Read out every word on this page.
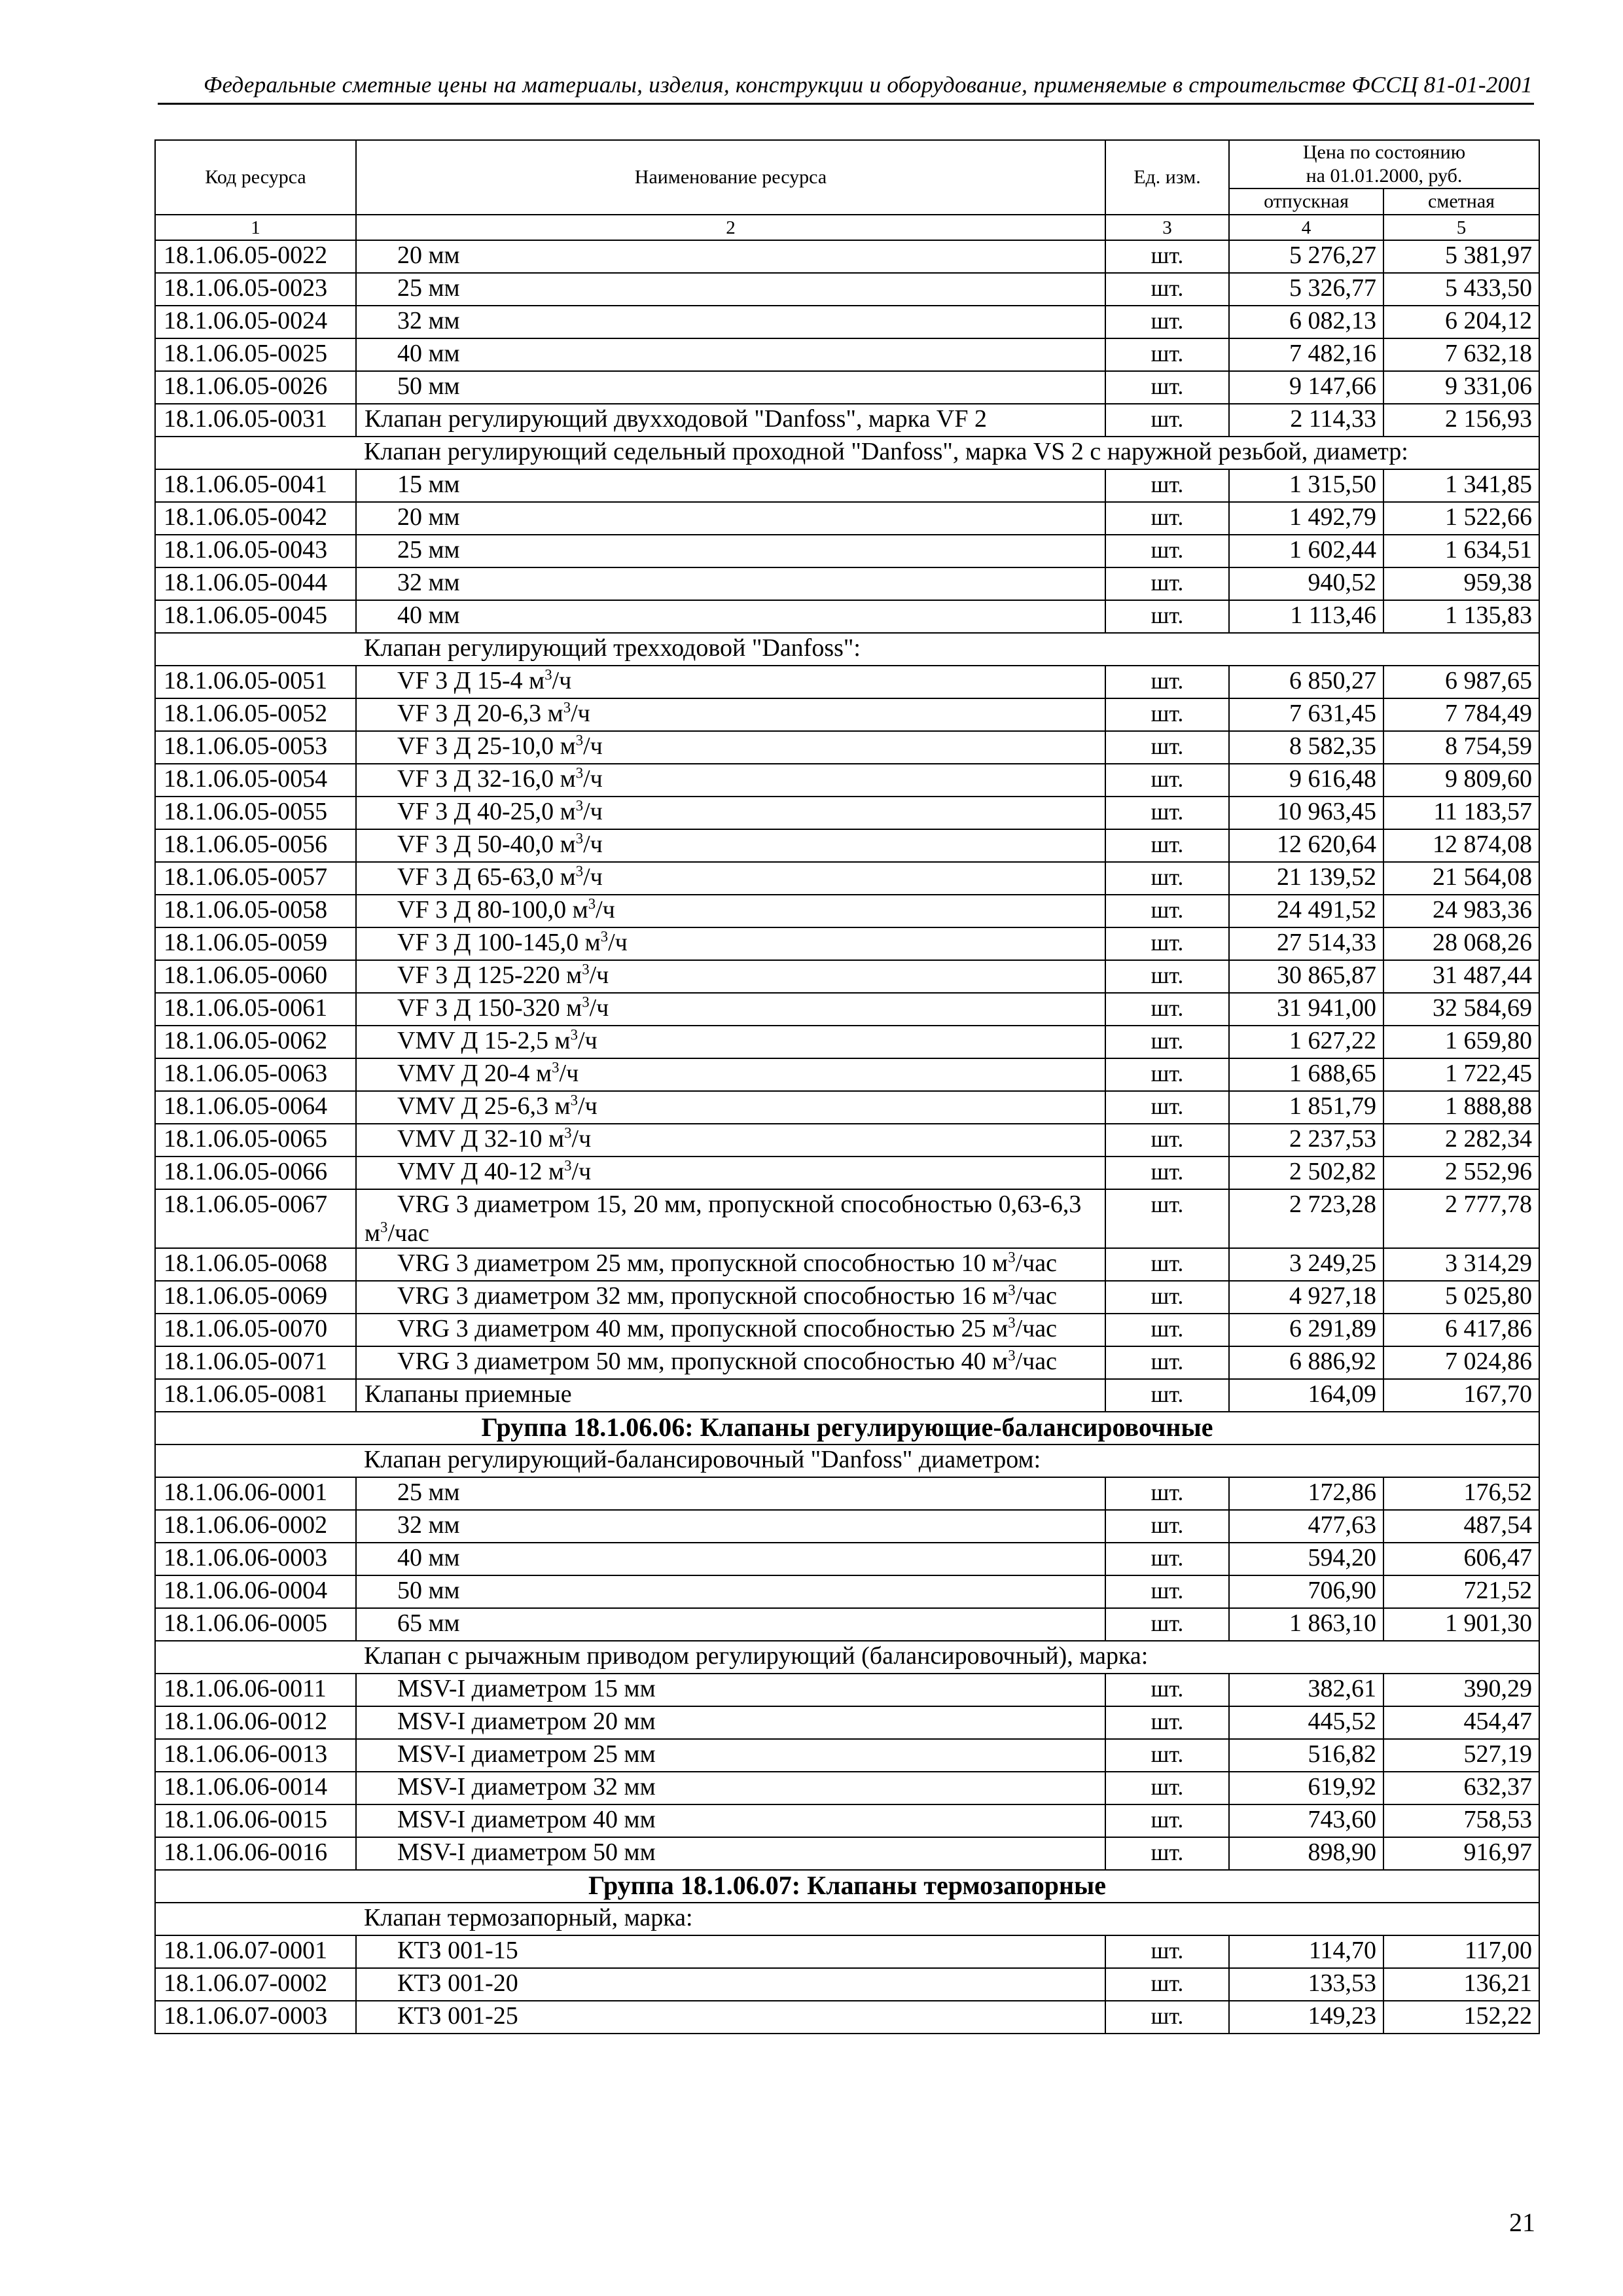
Федеральные сметные цены на материалы, изделия, конструкции и оборудование, применяемые в строительстве ФССЦ 81-01-2001
Код ресурса	Наименование ресурса	Ед. изм.	Цена по состоянию на 01.01.2000, руб.	
			отпускная	сметная
1	2	3	4	5
18.1.06.05-0022	20 мм	шт.	5 276,27	5 381,97
18.1.06.05-0023	25 мм	шт.	5 326,77	5 433,50
18.1.06.05-0024	32 мм	шт.	6 082,13	6 204,12
18.1.06.05-0025	40 мм	шт.	7 482,16	7 632,18
18.1.06.05-0026	50 мм	шт.	9 147,66	9 331,06
18.1.06.05-0031	Клапан регулирующий двухходовой "Danfoss", марка VF 2	шт.	2 114,33	2 156,93
Клапан регулирующий седельный проходной "Danfoss", марка VS 2 с наружной резьбой, диаметр:				
18.1.06.05-0041	15 мм	шт.	1 315,50	1 341,85
18.1.06.05-0042	20 мм	шт.	1 492,79	1 522,66
18.1.06.05-0043	25 мм	шт.	1 602,44	1 634,51
18.1.06.05-0044	32 мм	шт.	940,52	959,38
18.1.06.05-0045	40 мм	шт.	1 113,46	1 135,83
Клапан регулирующий трехходовой "Danfoss":				
18.1.06.05-0051	VF 3 Д 15-4 $м^3/ч$	шт.	6 850,27	6 987,65
18.1.06.05-0052	VF 3 Д 20-6,3 $м^3/ч$	шт.	7 631,45	7 784,49
18.1.06.05-0053	VF 3 Д 25-10,0 $м^3/ч$	шт.	8 582,35	8 754,59
18.1.06.05-0054	VF 3 Д 32-16,0 $м^3/ч$	шт.	9 616,48	9 809,60
18.1.06.05-0055	VF 3 Д 40-25,0 $м^3/ч$	шт.	10 963,45	11 183,57
18.1.06.05-0056	VF 3 Д 50-40,0 $м^3/ч$	шт.	12 620,64	12 874,08
18.1.06.05-0057	VF 3 Д 65-63,0 $м^3/ч$	шт.	21 139,52	21 564,08
18.1.06.05-0058	VF 3 Д 80-100,0 $м^3/ч$	шт.	24 491,52	24 983,36
18.1.06.05-0059	VF 3 Д 100-145,0 $м^3/ч$	шт.	27 514,33	28 068,26
18.1.06.05-0060	VF 3 Д 125-220 $м^3/ч$	шт.	30 865,87	31 487,44
18.1.06.05-0061	VF 3 Д 150-320 $м^3/ч$	шт.	31 941,00	32 584,69
18.1.06.05-0062	VMV Д 15-2,5 $м^3/ч$	шт.	1 627,22	1 659,80
18.1.06.05-0063	VMV Д 20-4 $м^3/ч$	шт.	1 688,65	1 722,45
18.1.06.05-0064	VMV Д 25-6,3 $м^3/ч$	шт.	1 851,79	1 888,88
18.1.06.05-0065	VMV Д 32-10 $м^3/ч$	шт.	2 237,53	2 282,34
18.1.06.05-0066	VMV Д 40-12 $м^3/ч$	шт.	2 502,82	2 552,96
18.1.06.05-0067	VRG 3 диаметром 15, 20 мм, пропускной способностью 0,63-6,3 $м^3$/час	шт.	2 723,28	2 777,78
18.1.06.05-0068	VRG 3 диаметром 25 мм, пропускной способностью 10 $м^3$/час	шт.	3 249,25	3 314,29
18.1.06.05-0069	VRG 3 диаметром 32 мм, пропускной способностью 16 $м^3$/час	шт.	4 927,18	5 025,80
18.1.06.05-0070	VRG 3 диаметром 40 мм, пропускной способностью 25 $м^3$/час	шт.	6 291,89	6 417,86
18.1.06.05-0071	VRG 3 диаметром 50 мм, пропускной способностью 40 $м^3$/час	шт.	6 886,92	7 024,86
18.1.06.05-0081	Клапаны приемные	шт.	164,09	167,70
Группа 18.1.06.06: Клапаны регулирующие-балансировочные				
Клапан регулирующий-балансировочный "Danfoss" диаметром:				
18.1.06.06-0001	25 мм	шт.	172,86	176,52
18.1.06.06-0002	32 мм	шт.	477,63	487,54
18.1.06.06-0003	40 мм	шт.	594,20	606,47
18.1.06.06-0004	50 мм	шт.	706,90	721,52
18.1.06.06-0005	65 мм	шт.	1 863,10	1 901,30
Клапан с рычажным приводом регулирующий (балансировочный), марка:				
18.1.06.06-0011	MSV-I диаметром 15 мм	шт.	382,61	390,29
18.1.06.06-0012	MSV-I диаметром 20 мм	шт.	445,52	454,47
18.1.06.06-0013	MSV-I диаметром 25 мм	шт.	516,82	527,19
18.1.06.06-0014	MSV-I диаметром 32 мм	шт.	619,92	632,37
18.1.06.06-0015	MSV-I диаметром 40 мм	шт.	743,60	758,53
18.1.06.06-0016	MSV-I диаметром 50 мм	шт.	898,90	916,97
Группа 18.1.06.07: Клапаны термозапорные				
Клапан термозапорный, марка:				
18.1.06.07-0001	КТЗ 001-15	шт.	114,70	117,00
18.1.06.07-0002	КТЗ 001-20	шт.	133,53	136,21
18.1.06.07-0003	КТЗ 001-25	шт.	149,23	152,22
21
